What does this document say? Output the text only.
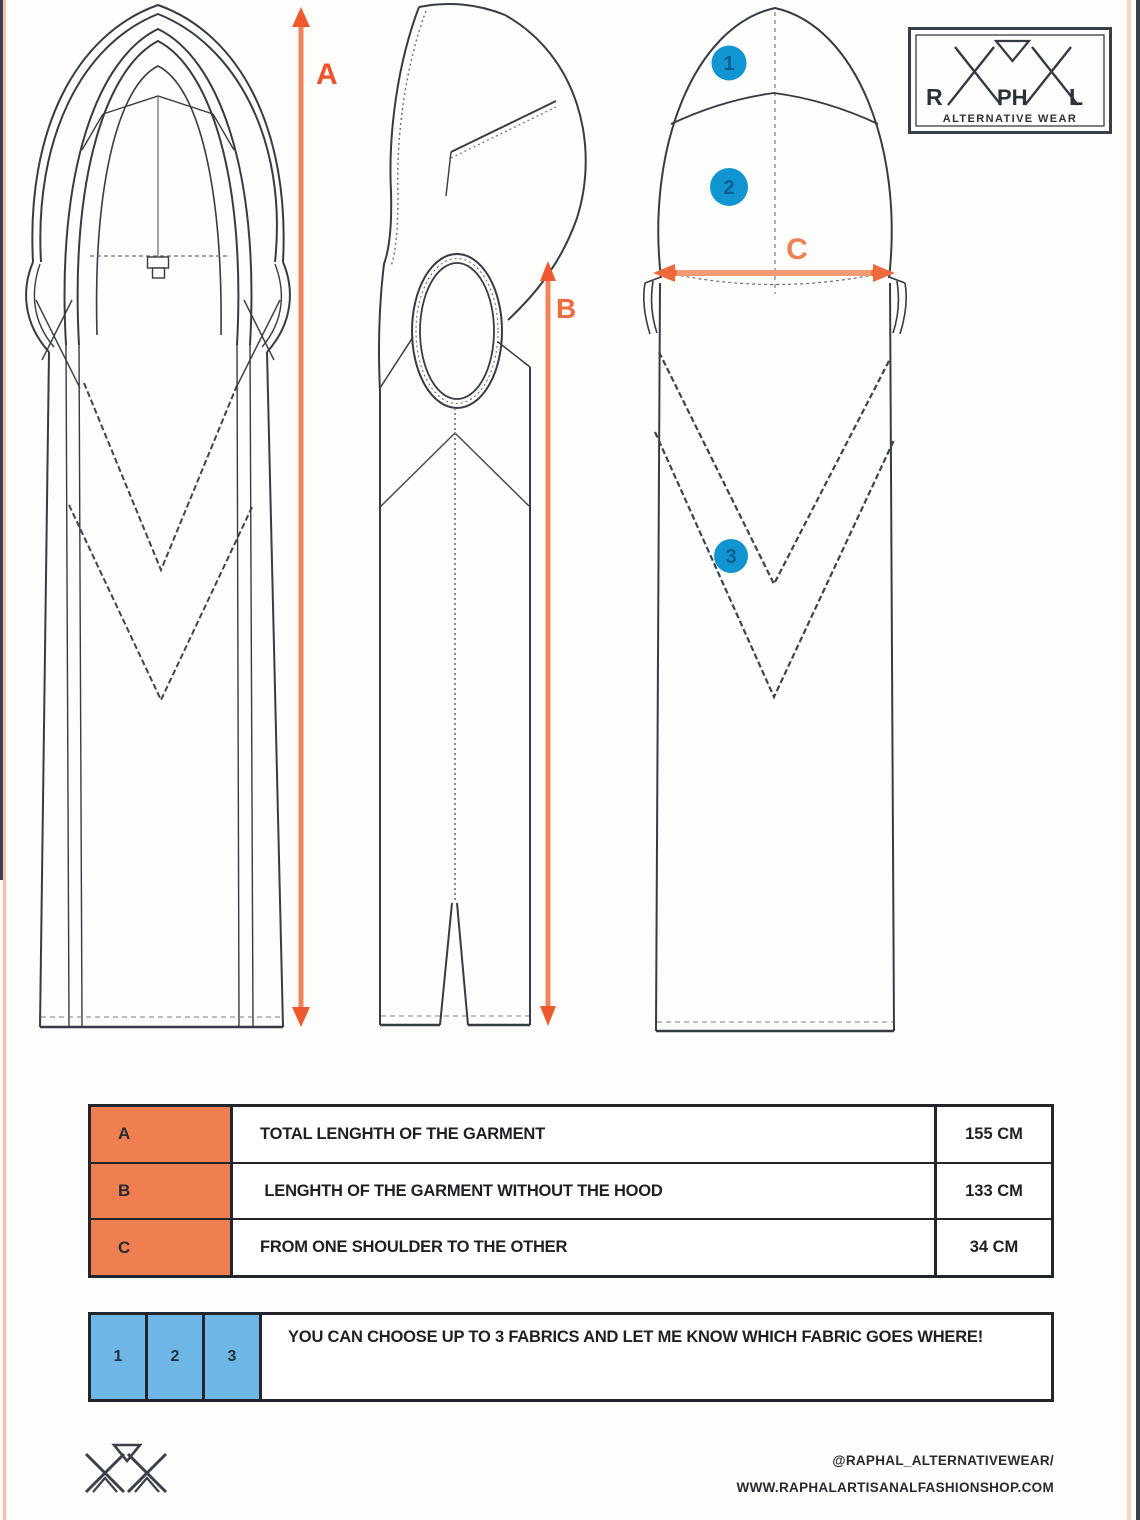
A
B
1
2
3
C
R PH L
ALTERNATIVE WEAR
A	TOTAL LENGHTH OF THE GARMENT	155 CM
B	LENGHTH OF THE GARMENT WITHOUT THE HOOD	133 CM
C	FROM ONE SHOULDER TO THE OTHER	34 CM
1	2	3
YOU CAN CHOOSE UP TO 3 FABRICS AND LET ME KNOW WHICH FABRIC GOES WHERE!
@RAPHAL_ALTERNATIVEWEAR/
WWW.RAPHALARTISANALFASHIONSHOP.COM
